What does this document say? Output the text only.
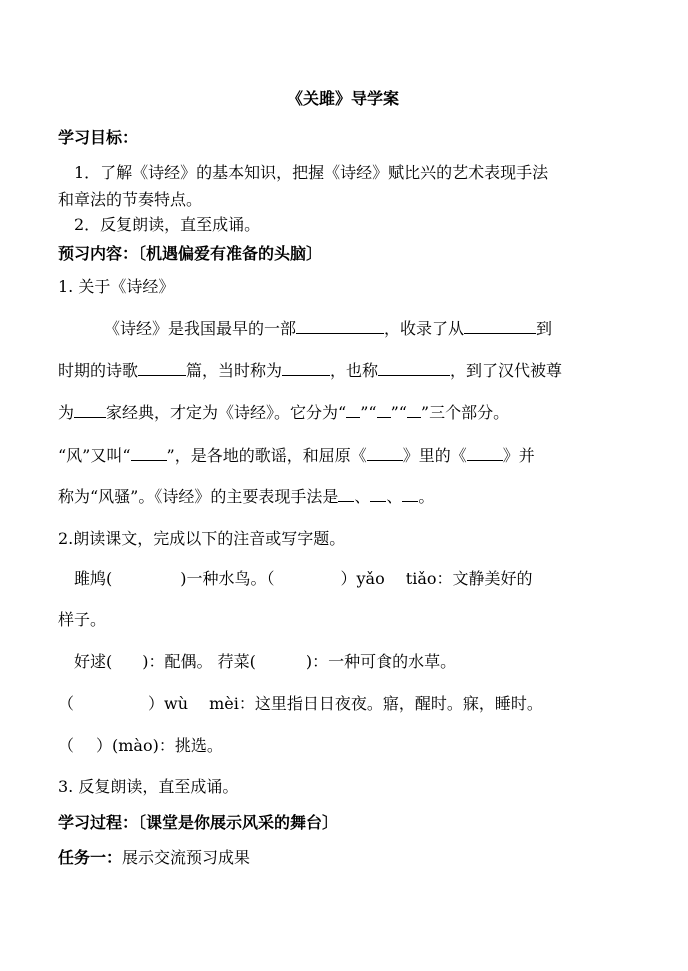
《关雎》导学案
学习目标：
1．了解《诗经》的基本知识，把握《诗经》赋比兴的艺术表现手法
和章法的节奏特点。
2．反复朗读，直至成诵。
预习内容：〔机遇偏爱有准备的头脑〕
1. 关于《诗经》
《诗经》是我国最早的一部	，收录了从	到
时期的诗歌	篇，当时称为	，也称	，到了汉代被尊
为 家经典，才定为《诗经》。它分为“ ”“ ”“ ”三个部分。
“风”又叫“ ”，是各地的歌谣，和屈原《 》里的《 》并
称为“风骚”。《诗经》的主要表现手法是 、 、 。
2.朗读课文，完成以下的注音或写字题。
雎鸠(	)一种水鸟。（	）yǎo　 tiǎo：文静美好的
样子。
好逑( )：配偶。 荇菜(	)：一种可食的水草。
（	）wù　 mèi：这里指日日夜夜。寤，醒时。寐，睡时。
（ ）(mào)：挑选。
3. 反复朗读，直至成诵。
学习过程：〔课堂是你展示风采的舞台〕
任务一：展示交流预习成果
